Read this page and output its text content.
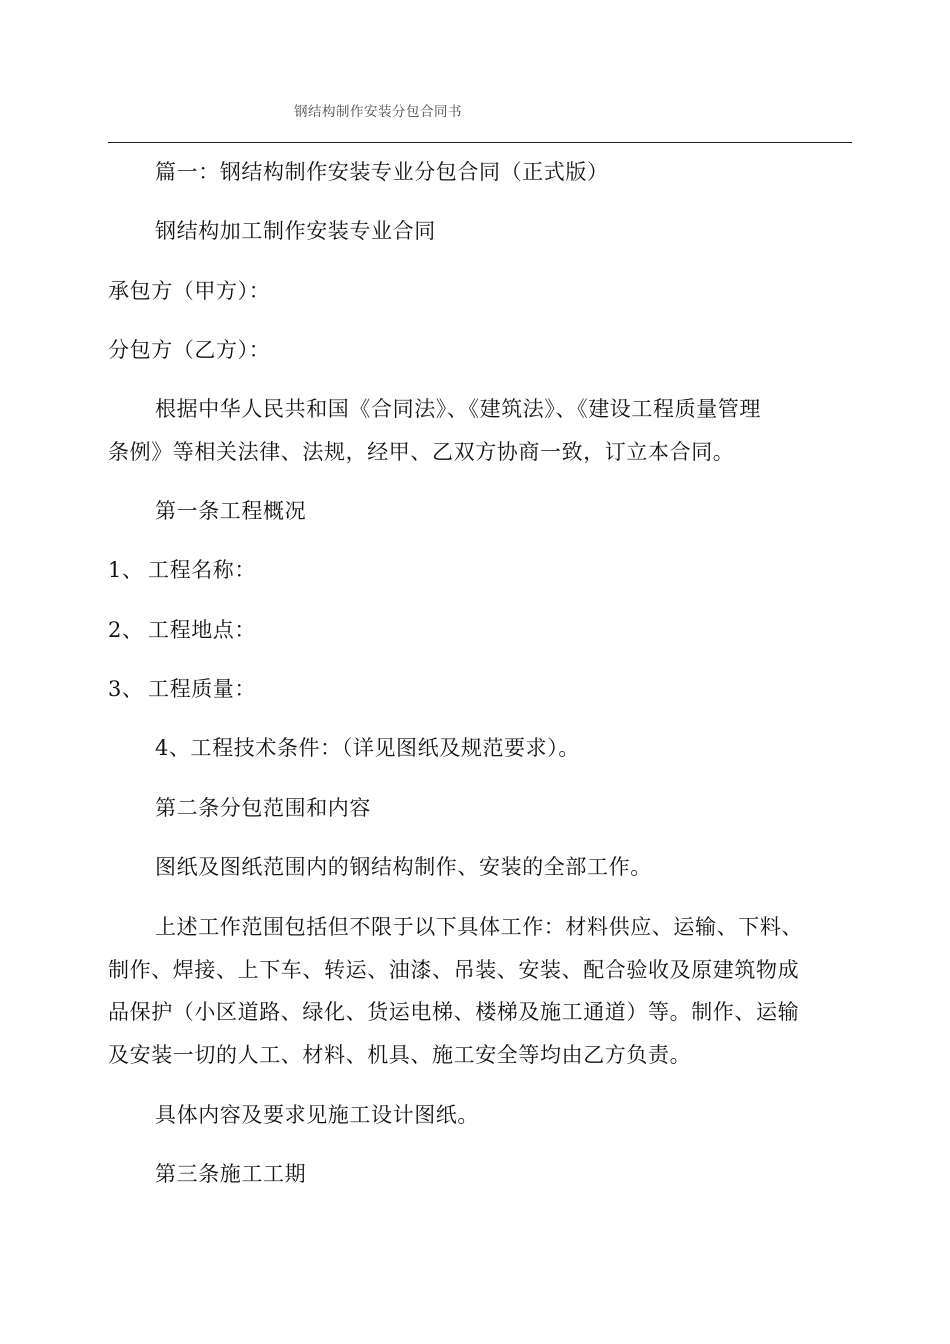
钢结构制作安装分包合同书
篇一：钢结构制作安装专业分包合同（正式版）
钢结构加工制作安装专业合同
承包方（甲方）：
分包方（乙方）：
根据中华人民共和国《合同法》、《建筑法》、《建设工程质量管理
条例》等相关法律、法规，经甲、乙双方协商一致，订立本合同。
第一条工程概况
1、 工程名称：
2、 工程地点：
3、 工程质量：
4、工程技术条件：（详见图纸及规范要求）。
第二条分包范围和内容
图纸及图纸范围内的钢结构制作、安装的全部工作。
上述工作范围包括但不限于以下具体工作：材料供应、运输、下料、
制作、焊接、上下车、转运、油漆、吊装、安装、配合验收及原建筑物成
品保护（小区道路、绿化、货运电梯、楼梯及施工通道）等。制作、运输
及安装一切的人工、材料、机具、施工安全等均由乙方负责。
具体内容及要求见施工设计图纸。
第三条施工工期
